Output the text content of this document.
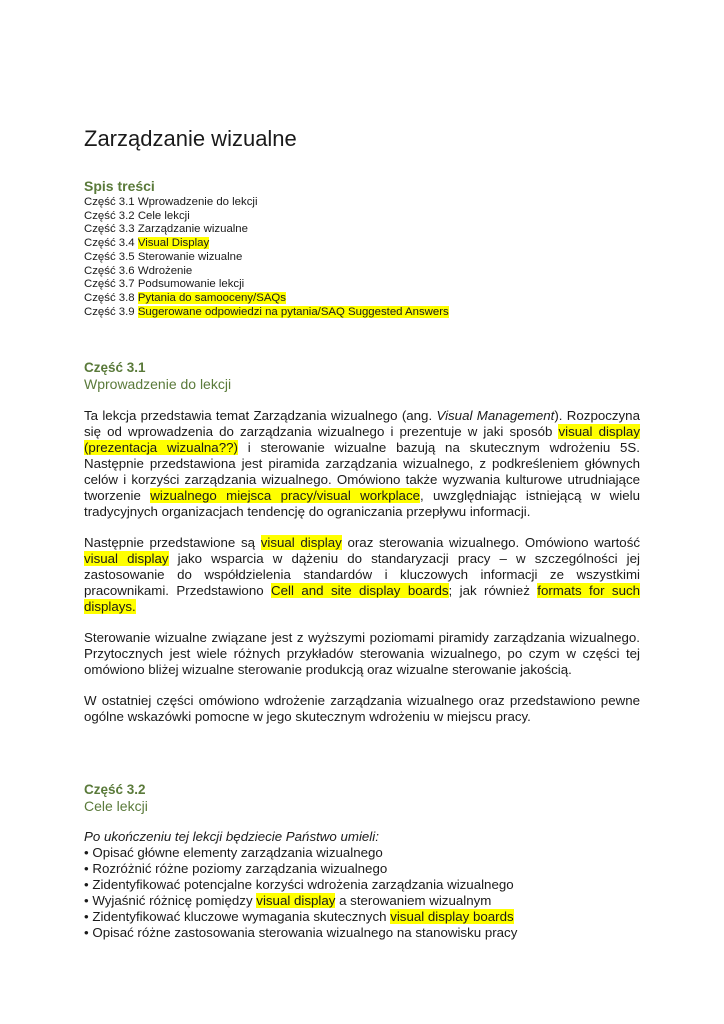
Zarządzanie wizualne
Spis treści
Część 3.1 Wprowadzenie do lekcji
Część 3.2 Cele lekcji
Część 3.3 Zarządzanie wizualne
Część 3.4 Visual Display
Część 3.5 Sterowanie wizualne
Część 3.6 Wdrożenie
Część 3.7 Podsumowanie lekcji
Część 3.8 Pytania do samooceny/SAQs
Część 3.9 Sugerowane odpowiedzi na pytania/SAQ Suggested Answers
Część 3.1
Wprowadzenie do lekcji

Ta lekcja przedstawia temat Zarządzania wizualnego (ang. Visual Management). Rozpoczyna się od wprowadzenia do zarządzania wizualnego i prezentuje w jaki sposób visual display (prezentacja wizualna??) i sterowanie wizualne bazują na skutecznym wdrożeniu 5S. Następnie przedstawiona jest piramida zarządzania wizualnego, z podkreśleniem głównych celów i korzyści zarządzania wizualnego. Omówiono także wyzwania kulturowe utrudniające tworzenie wizualnego miejsca pracy/visual workplace, uwzględniając istniejącą w wielu tradycyjnych organizacjach tendencję do ograniczania przepływu informacji.

Następnie przedstawione są visual display oraz sterowania wizualnego. Omówiono wartość visual display jako wsparcia w dążeniu do standaryzacji pracy – w szczególności jej zastosowanie do współdzielenia standardów i kluczowych informacji ze wszystkimi pracownikami. Przedstawiono Cell and site display boards; jak również formats for such displays.

Sterowanie wizualne związane jest z wyższymi poziomami piramidy zarządzania wizualnego. Przytocznych jest wiele różnych przykładów sterowania wizualnego, po czym w części tej omówiono bliżej wizualne sterowanie produkcją oraz wizualne sterowanie jakością.

W ostatniej części omówiono wdrożenie zarządzania wizualnego oraz przedstawiono pewne ogólne wskazówki pomocne w jego skutecznym wdrożeniu w miejscu pracy.

Część 3.2
Cele lekcji

Po ukończeniu tej lekcji będziecie Państwo umieli:

• Opisać główne elementy zarządzania wizualnego
• Rozróżnić różne poziomy zarządzania wizualnego
• Zidentyfikować potencjalne korzyści wdrożenia zarządzania wizualnego
• Wyjaśnić różnicę pomiędzy visual display a sterowaniem wizualnym
• Zidentyfikować kluczowe wymagania skutecznych visual display boards
• Opisać różne zastosowania sterowania wizualnego na stanowisku pracy
